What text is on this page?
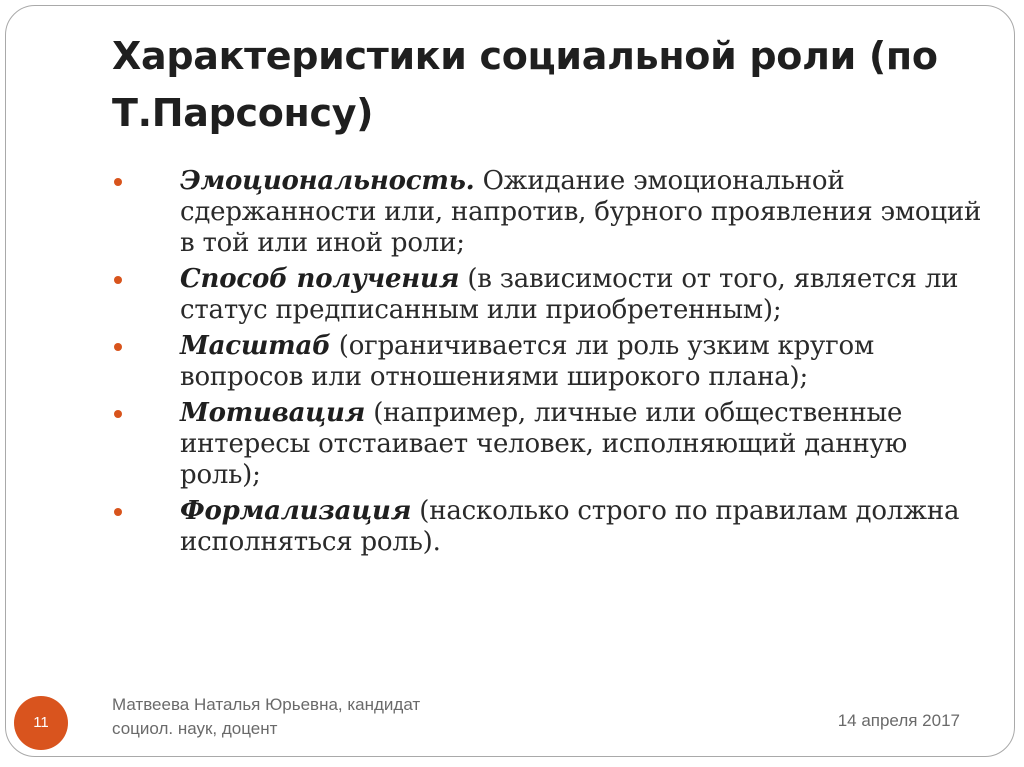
Характеристики социальной роли (по Т.Парсонсу)
Эмоциональность. Ожидание эмоциональной сдержанности или, напротив, бурного проявления эмоций в той или иной роли;
Способ получения (в зависимости от того, является ли статус предписанным или приобретенным);
Масштаб (ограничивается ли роль узким кругом вопросов или отношениями широкого плана);
Мотивация (например, личные или общественные интересы отстаивает человек, исполняющий данную роль);
Формализация (насколько строго по правилам должна исполняться роль).
11
Матвеева Наталья Юрьевна, кандидат
социол. наук, доцент	14 апреля 2017
